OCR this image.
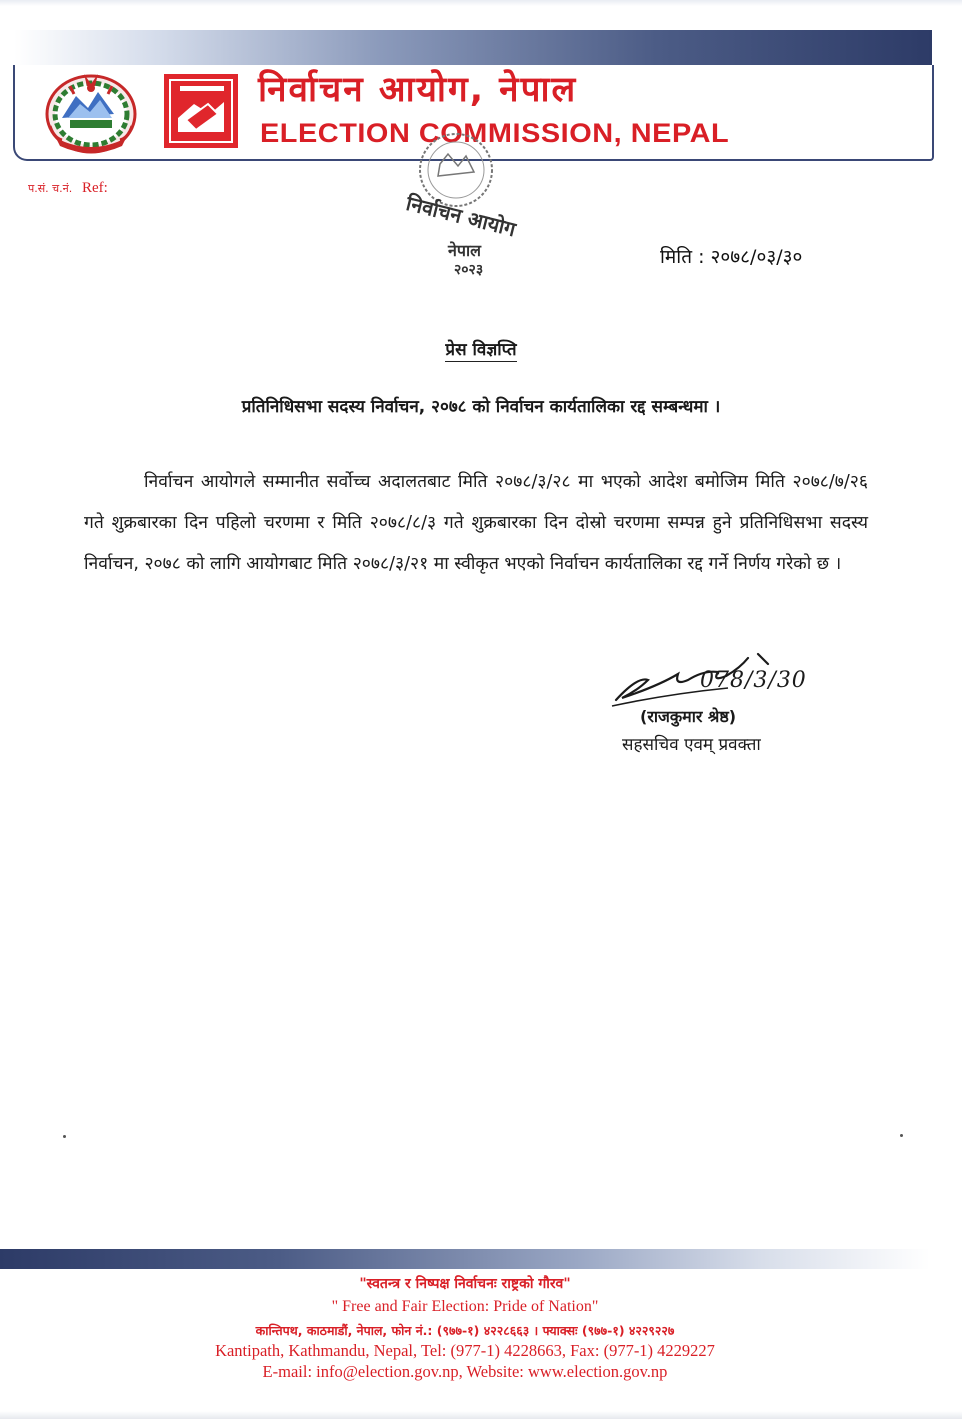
निर्वाचन आयोग, नेपाल
ELECTION COMMISSION, NEPAL
प.सं. च.नं. Ref:
निर्वाचन आयोग
नेपाल
२०२३
मिति : २०७८/०३/३०
प्रेस विज्ञप्ति
प्रतिनिधिसभा सदस्य निर्वाचन, २०७८ को निर्वाचन कार्यतालिका रद्द सम्बन्धमा ।
निर्वाचन आयोगले सम्मानीत सर्वोच्च अदालतबाट मिति २०७८/३/२८ मा भएको आदेश बमोजिम मिति २०७८/७/२६ गते शुक्रबारका दिन पहिलो चरणमा र मिति २०७८/८/३ गते शुक्रबारका दिन दोस्रो चरणमा सम्पन्न हुने प्रतिनिधिसभा सदस्य निर्वाचन, २०७८ को लागि आयोगबाट मिति २०७८/३/२१ मा स्वीकृत भएको निर्वाचन कार्यतालिका रद्द गर्ने निर्णय गरेको छ ।
078/3/30
(राजकुमार श्रेष्ठ)
सहसचिव एवम् प्रवक्ता
"स्वतन्त्र र निष्पक्ष निर्वाचनः राष्ट्रको गौरव"
" Free and Fair Election: Pride of Nation"
कान्तिपथ, काठमाडौं, नेपाल, फोन नं.: (९७७-१) ४२२८६६३ । फ्याक्सः (९७७-१) ४२२९२२७
Kantipath, Kathmandu, Nepal, Tel: (977-1) 4228663, Fax: (977-1) 4229227
E-mail: info@election.gov.np, Website: www.election.gov.np
